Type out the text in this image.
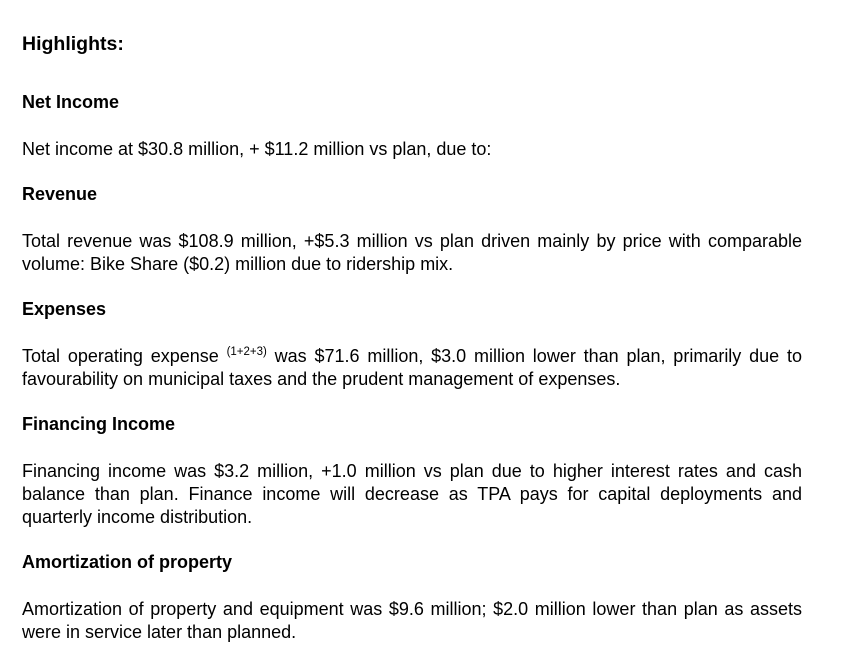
Highlights:
Net Income
Net income at $30.8 million, + $11.2 million vs plan, due to:
Revenue
Total revenue was $108.9 million, +$5.3 million vs plan driven mainly by price with comparable volume: Bike Share ($0.2) million due to ridership mix.
Expenses
Total operating expense $^{(1+2+3)}$ was $71.6 million, $3.0 million lower than plan, primarily due to favourability on municipal taxes and the prudent management of expenses.
Financing Income
Financing income was $3.2 million, +1.0 million vs plan due to higher interest rates and cash balance than plan. Finance income will decrease as TPA pays for capital deployments and quarterly income distribution.
Amortization of property
Amortization of property and equipment was $9.6 million; $2.0 million lower than plan as assets were in service later than planned.
